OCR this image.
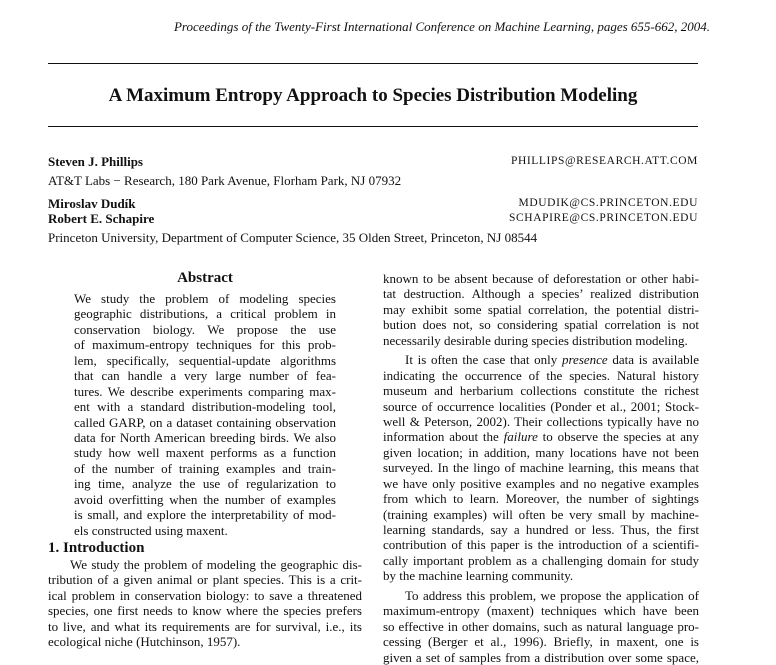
Proceedings of the Twenty-First International Conference on Machine Learning, pages 655-662, 2004.
A Maximum Entropy Approach to Species Distribution Modeling
Steven J. Phillips	PHILLIPS@RESEARCH.ATT.COM
AT&T Labs − Research, 180 Park Avenue, Florham Park, NJ 07932
Miroslav Dudík	MDUDIK@CS.PRINCETON.EDU
Robert E. Schapire	SCHAPIRE@CS.PRINCETON.EDU
Princeton University, Department of Computer Science, 35 Olden Street, Princeton, NJ 08544
Abstract
We study the problem of modeling species
geographic distributions, a critical problem in
conservation biology. We propose the use
of maximum-entropy techniques for this prob-
lem, specifically, sequential-update algorithms
that can handle a very large number of fea-
tures. We describe experiments comparing max-
ent with a standard distribution-modeling tool,
called GARP, on a dataset containing observation
data for North American breeding birds. We also
study how well maxent performs as a function
of the number of training examples and train-
ing time, analyze the use of regularization to
avoid overfitting when the number of examples
is small, and explore the interpretability of mod-
els constructed using maxent.
1. Introduction
We study the problem of modeling the geographic dis-
tribution of a given animal or plant species. This is a crit-
ical problem in conservation biology: to save a threatened
species, one first needs to know where the species prefers
to live, and what its requirements are for survival, i.e., its
ecological niche (Hutchinson, 1957).
known to be absent because of deforestation or other habi-
tat destruction. Although a species’ realized distribution
may exhibit some spatial correlation, the potential distri-
bution does not, so considering spatial correlation is not
necessarily desirable during species distribution modeling.
It is often the case that only presence data is available
indicating the occurrence of the species. Natural history
museum and herbarium collections constitute the richest
source of occurrence localities (Ponder et al., 2001; Stock-
well & Peterson, 2002). Their collections typically have no
information about the failure to observe the species at any
given location; in addition, many locations have not been
surveyed. In the lingo of machine learning, this means that
we have only positive examples and no negative examples
from which to learn. Moreover, the number of sightings
(training examples) will often be very small by machine-
learning standards, say a hundred or less. Thus, the first
contribution of this paper is the introduction of a scientifi-
cally important problem as a challenging domain for study
by the machine learning community.
To address this problem, we propose the application of
maximum-entropy (maxent) techniques which have been
so effective in other domains, such as natural language pro-
cessing (Berger et al., 1996). Briefly, in maxent, one is
given a set of samples from a distribution over some space,
